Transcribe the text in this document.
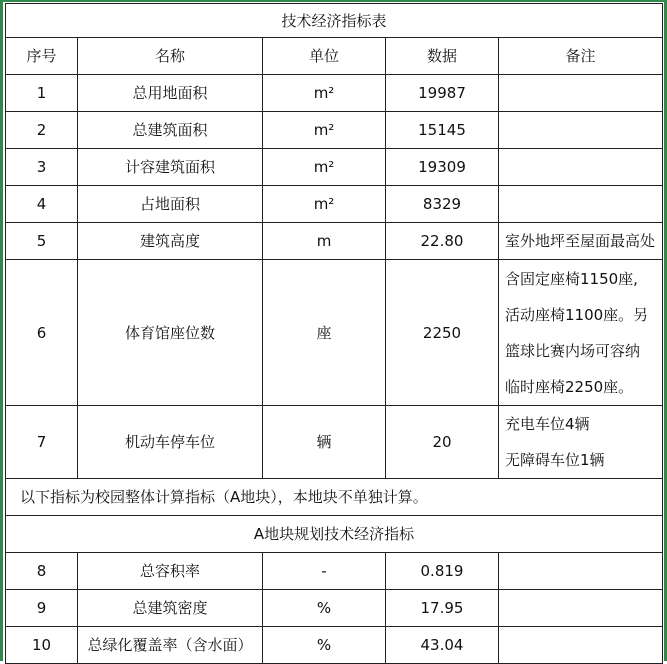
技术经济指标表				
序号	名称	单位	数据	备注
1	总用地面积	m²	19987	
2	总建筑面积	m²	15145	
3	计容建筑面积	m²	19309	
4	占地面积	m²	8329	
5	建筑高度	m	22.80	室外地坪至屋面最高处

6	体育馆座位数	座	2250	含固定座椅1150座,
活动座椅1100座。另
篮球比赛内场可容纳
临时座椅2250座。

7	机动车停车位	辆	20	充电车位4辆
无障碍车位1辆

以下指标为校园整体计算指标（A地块），本地块不单独计算。				
A地块规划技术经济指标				
8	总容积率	-	0.819	
9	总建筑密度	%	17.95	
10	总绿化覆盖率（含水面）	%	43.04	
